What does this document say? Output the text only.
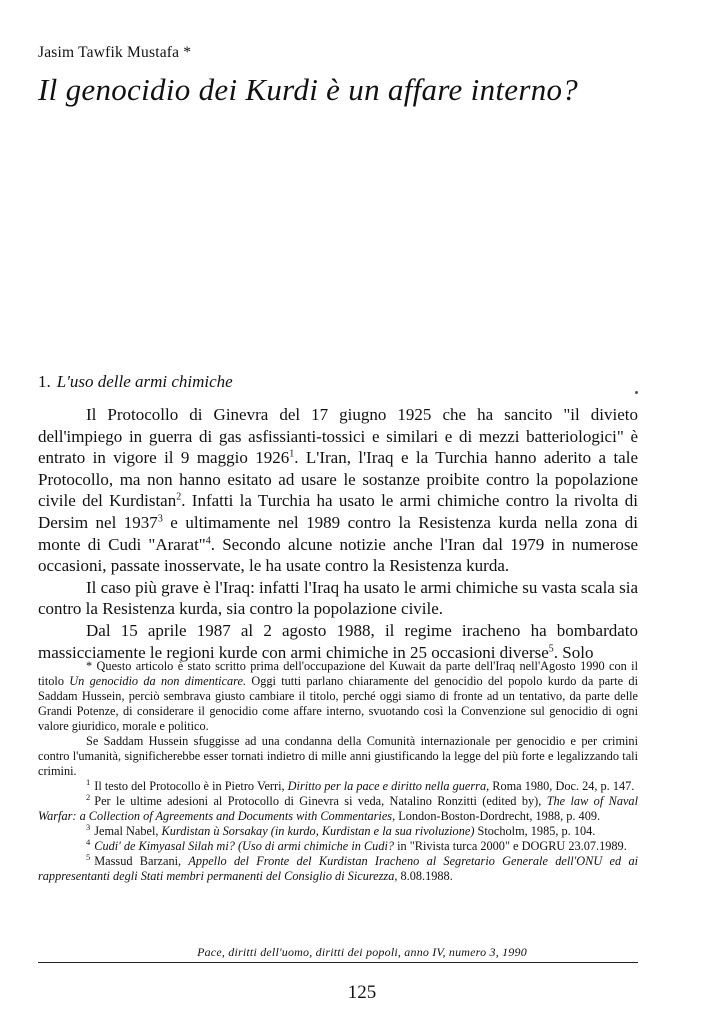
Jasim Tawfik Mustafa *
Il genocidio dei Kurdi è un affare interno?
1. L'uso delle armi chimiche

Il Protocollo di Ginevra del 17 giugno 1925 che ha sancito "il divieto dell'impiego in guerra di gas asfissianti-tossici e similari e di mezzi batteriologici" è entrato in vigore il 9 maggio 1926$^1$. L'Iran, l'Iraq e la Turchia hanno aderito a tale Protocollo, ma non hanno esitato ad usare le sostanze proibite contro la popolazione civile del Kurdistan$^2$. Infatti la Turchia ha usato le armi chimiche contro la rivolta di Dersim nel 1937$^3$ e ultimamente nel 1989 contro la Resistenza kurda nella zona di monte di Cudi "Ararat"$^4$. Secondo alcune notizie anche l'Iran dal 1979 in numerose occasioni, passate inosservate, le ha usate contro la Resistenza kurda.

Il caso più grave è l'Iraq: infatti l'Iraq ha usato le armi chimiche su vasta scala sia contro la Resistenza kurda, sia contro la popolazione civile.

Dal 15 aprile 1987 al 2 agosto 1988, il regime iracheno ha bombardato massicciamente le regioni kurde con armi chimiche in 25 occasioni diverse$^5$. Solo

* Questo articolo è stato scritto prima dell'occupazione del Kuwait da parte dell'Iraq nell'Agosto 1990 con il titolo Un genocidio da non dimenticare. Oggi tutti parlano chiaramente del genocidio del popolo kurdo da parte di Saddam Hussein, perciò sembrava giusto cambiare il titolo, perché oggi siamo di fronte ad un tentativo, da parte delle Grandi Potenze, di considerare il genocidio come affare interno, svuotando così la Convenzione sul genocidio di ogni valore giuridico, morale e politico.

Se Saddam Hussein sfuggisse ad una condanna della Comunità internazionale per genocidio e per crimini contro l'umanità, significherebbe esser tornati indietro di mille anni giustificando la legge del più forte e legalizzando tali crimini.

$^1$ Il testo del Protocollo è in Pietro Verri, Diritto per la pace e diritto nella guerra, Roma 1980, Doc. 24, p. 147.

$^2$ Per le ultime adesioni al Protocollo di Ginevra si veda, Natalino Ronzitti (edited by), The law of Naval Warfar: a Collection of Agreements and Documents with Commentaries, London-Boston-Dordrecht, 1988, p. 409.

$^3$ Jemal Nabel, Kurdistan ù Sorsakay (in kurdo, Kurdistan e la sua rivoluzione) Stocholm, 1985, p. 104.

$^4$ Cudi' de Kimyasal Silah mi? (Uso di armi chimiche in Cudi? in "Rivista turca 2000" e DOGRU 23.07.1989.

$^5$ Massud Barzani, Appello del Fronte del Kurdistan Iracheno al Segretario Generale dell'ONU ed ai rappresentanti degli Stati membri permanenti del Consiglio di Sicurezza, 8.08.1988.

Pace, diritti dell'uomo, diritti dei popoli, anno IV, numero 3, 1990
125
